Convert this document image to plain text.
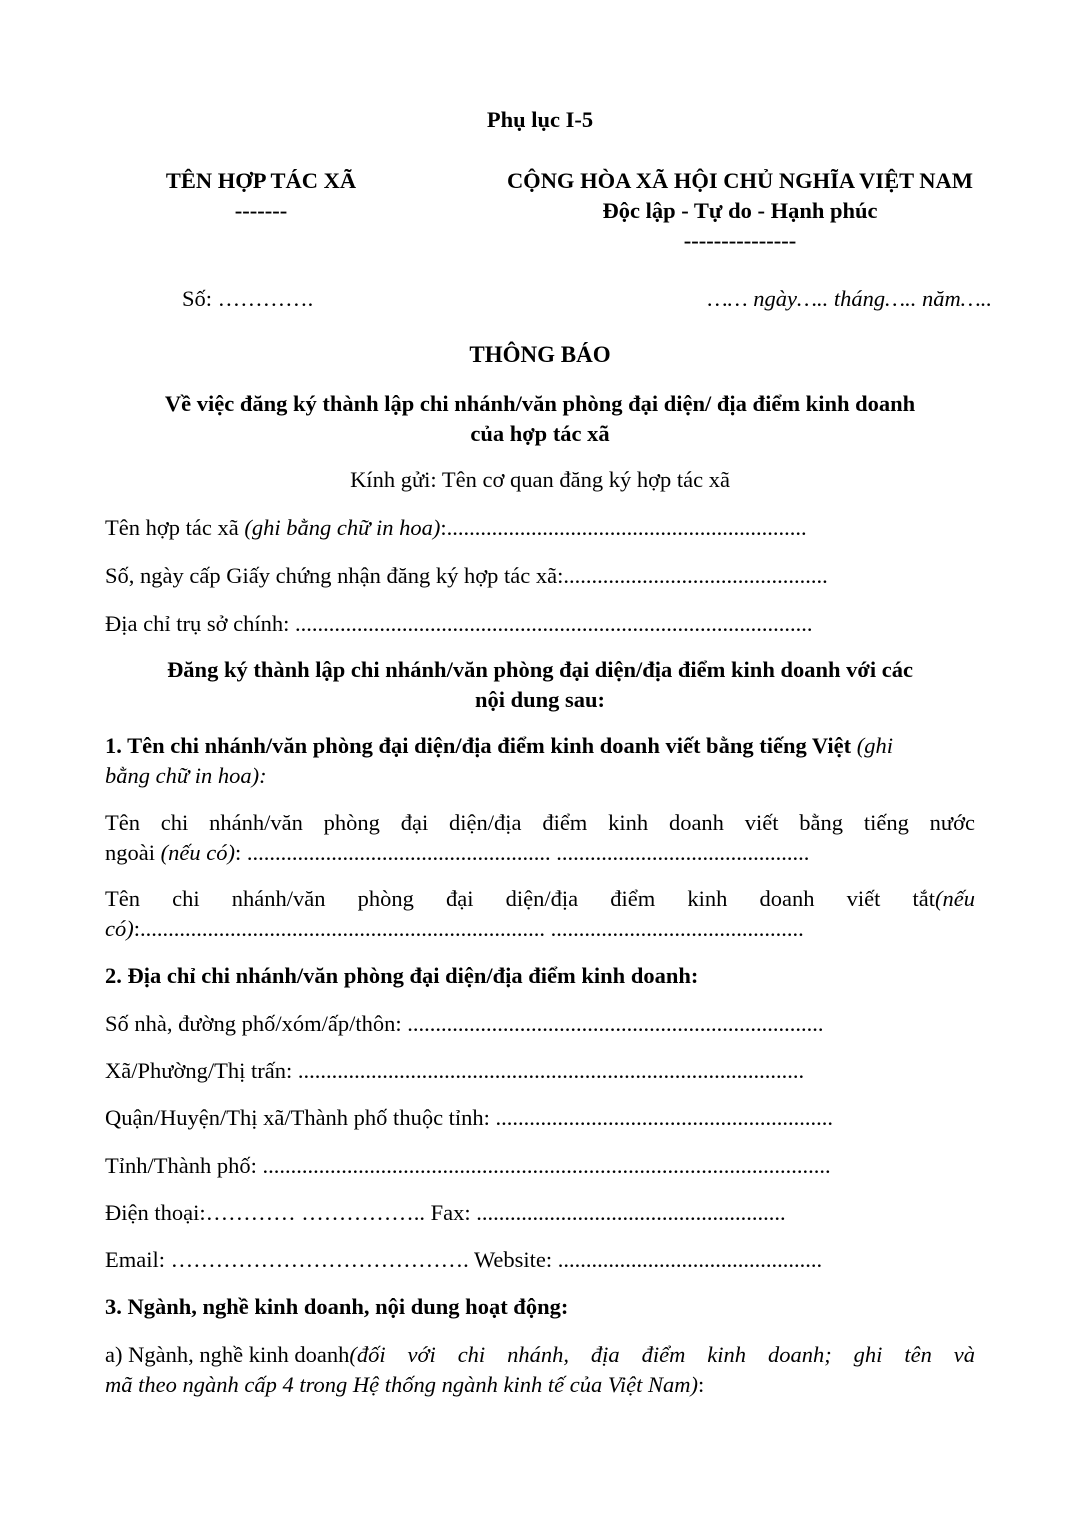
Phụ lục I-5
TÊN HỢP TÁC XÃ
-------
CỘNG HÒA XÃ HỘI CHỦ NGHĨA VIỆT NAM
Độc lập - Tự do - Hạnh phúc
---------------
Số: ………….	…… ngày….. tháng….. năm…..
THÔNG BÁO
Về việc đăng ký thành lập chi nhánh/văn phòng đại diện/ địa điểm kinh doanh
của hợp tác xã
Kính gửi: Tên cơ quan đăng ký hợp tác xã
Tên hợp tác xã (ghi bằng chữ in hoa):................................................................
Số, ngày cấp Giấy chứng nhận đăng ký hợp tác xã:...............................................
Địa chỉ trụ sở chính: ............................................................................................
Đăng ký thành lập chi nhánh/văn phòng đại diện/địa điểm kinh doanh với các
nội dung sau:
1. Tên chi nhánh/văn phòng đại diện/địa điểm kinh doanh viết bằng tiếng Việt (ghi
bằng chữ in hoa):
Tên chi nhánh/văn phòng đại diện/địa điểm kinh doanh viết bằng tiếng nước
ngoài (nếu có): ...................................................... .............................................
Tên chi nhánh/văn phòng đại diện/địa điểm kinh doanh viết tắt (nếu
có):........................................................................ .............................................
2. Địa chỉ chi nhánh/văn phòng đại diện/địa điểm kinh doanh:
Số nhà, đường phố/xóm/ấp/thôn: ..........................................................................
Xã/Phường/Thị trấn: ..........................................................................................
Quận/Huyện/Thị xã/Thành phố thuộc tỉnh: ............................................................
Tỉnh/Thành phố: .....................................................................................................
Điện thoại:………… …………….. Fax: .......................................................
Email: …………………………………. Website: ...............................................
3. Ngành, nghề kinh doanh, nội dung hoạt động:
a) Ngành, nghề kinh doanh (đối với chi nhánh, địa điểm kinh doanh; ghi tên và
mã theo ngành cấp 4 trong Hệ thống ngành kinh tế của Việt Nam):
